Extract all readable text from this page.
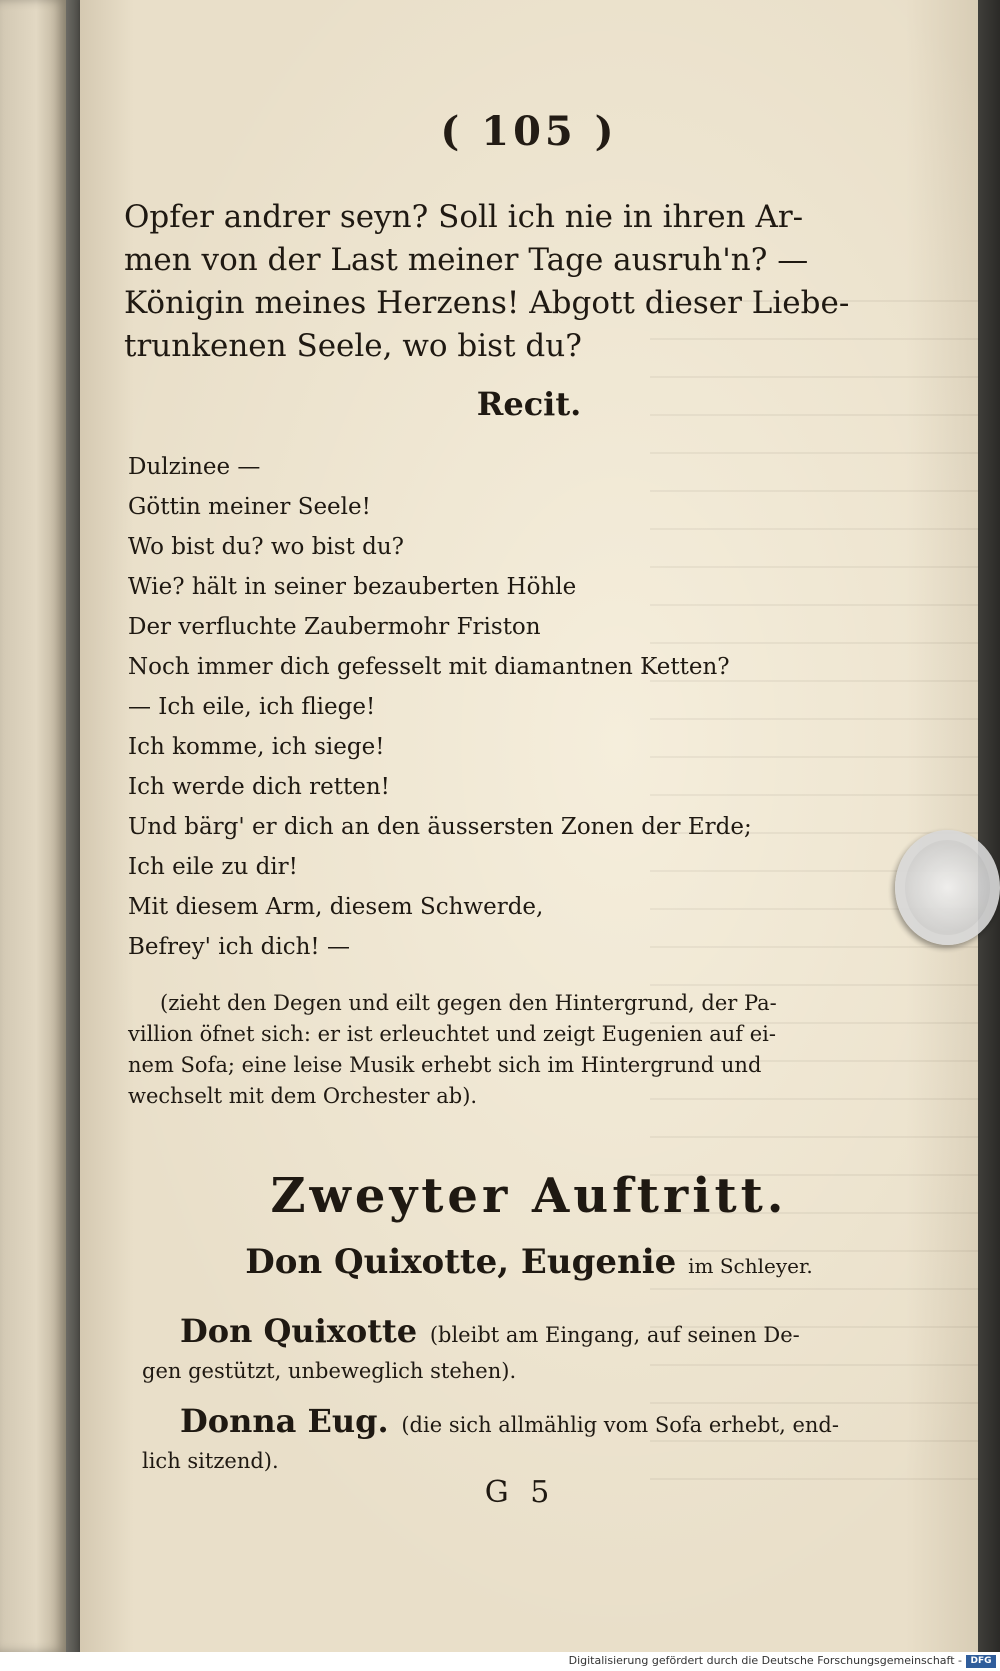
( 105 )
Opfer andrer seyn? Soll ich nie in ihren Ar-
men von der Last meiner Tage ausruh'n? —
Königin meines Herzens! Abgott dieser Liebe-
trunkenen Seele, wo bist du?
Recit.
Dulzinee —
Göttin meiner Seele!
Wo bist du? wo bist du?
Wie? hält in seiner bezauberten Höhle
Der verfluchte Zaubermohr Friston
Noch immer dich gefesselt mit diamantnen Ketten?
— Ich eile, ich fliege!
Ich komme, ich siege!
Ich werde dich retten!
Und bärg' er dich an den äussersten Zonen der Erde;
Ich eile zu dir!
Mit diesem Arm, diesem Schwerde,
Befrey' ich dich! —
(zieht den Degen und eilt gegen den Hintergrund, der Pa-
villion öfnet sich: er ist erleuchtet und zeigt Eugenien auf ei-
nem Sofa; eine leise Musik erhebt sich im Hintergrund und
wechselt mit dem Orchester ab).
Zweyter Auftritt.
Don Quixotte, Eugenie im Schleyer.
Don Quixotte (bleibt am Eingang, auf seinen De-
gen gestützt, unbeweglich stehen).
Donna Eug. (die sich allmählig vom Sofa erhebt, end-
lich sitzend).
G 5
Digitalisierung gefördert durch die Deutsche Forschungsgemeinschaft - DFG
